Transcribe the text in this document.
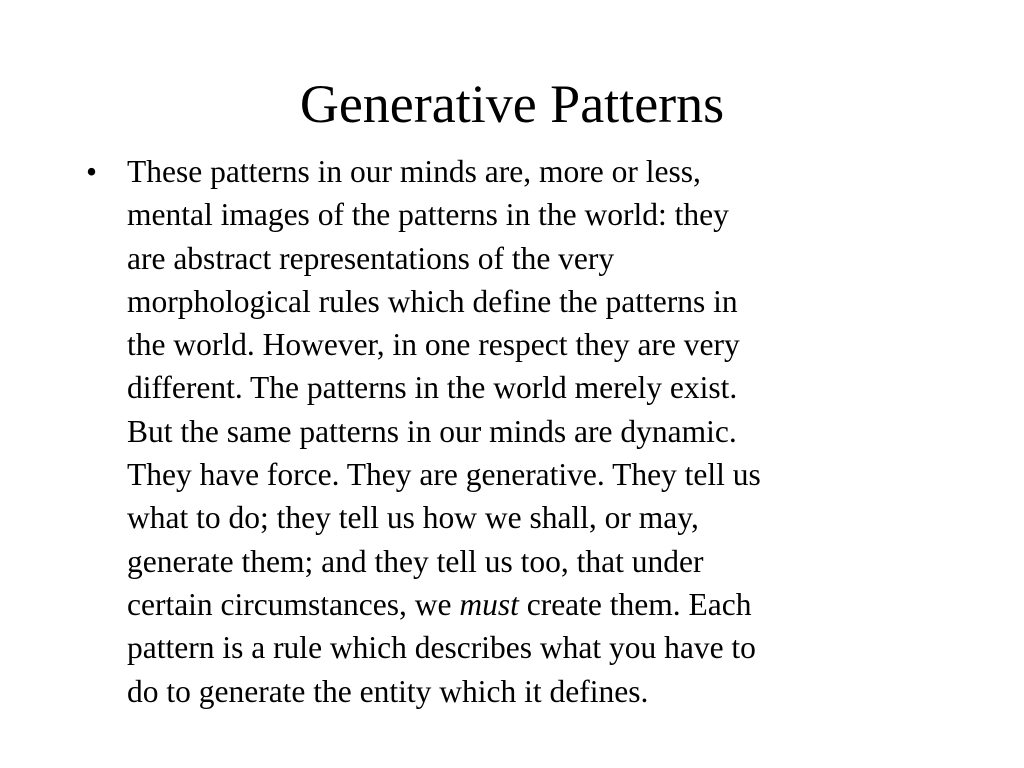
Generative Patterns
• These patterns in our minds are, more or less,
mental images of the patterns in the world: they
are abstract representations of the very
morphological rules which define the patterns in
the world. However, in one respect they are very
different. The patterns in the world merely exist.
But the same patterns in our minds are dynamic.
They have force. They are generative. They tell us
what to do; they tell us how we shall, or may,
generate them; and they tell us too, that under
certain circumstances, we must create them. Each
pattern is a rule which describes what you have to
do to generate the entity which it defines.
